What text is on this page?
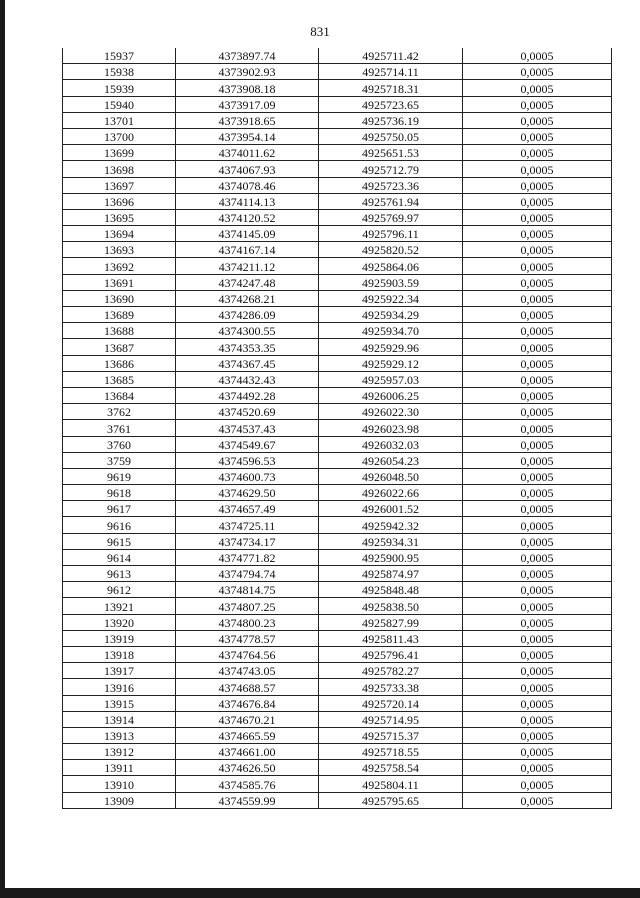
831
15937	4373897.74	4925711.42	0,0005
15938	4373902.93	4925714.11	0,0005
15939	4373908.18	4925718.31	0,0005
15940	4373917.09	4925723.65	0,0005
13701	4373918.65	4925736.19	0,0005
13700	4373954.14	4925750.05	0,0005
13699	4374011.62	4925651.53	0,0005
13698	4374067.93	4925712.79	0,0005
13697	4374078.46	4925723.36	0,0005
13696	4374114.13	4925761.94	0,0005
13695	4374120.52	4925769.97	0,0005
13694	4374145.09	4925796.11	0,0005
13693	4374167.14	4925820.52	0,0005
13692	4374211.12	4925864.06	0,0005
13691	4374247.48	4925903.59	0,0005
13690	4374268.21	4925922.34	0,0005
13689	4374286.09	4925934.29	0,0005
13688	4374300.55	4925934.70	0,0005
13687	4374353.35	4925929.96	0,0005
13686	4374367.45	4925929.12	0,0005
13685	4374432.43	4925957.03	0,0005
13684	4374492.28	4926006.25	0,0005
3762	4374520.69	4926022.30	0,0005
3761	4374537.43	4926023.98	0,0005
3760	4374549.67	4926032.03	0,0005
3759	4374596.53	4926054.23	0,0005
9619	4374600.73	4926048.50	0,0005
9618	4374629.50	4926022.66	0,0005
9617	4374657.49	4926001.52	0,0005
9616	4374725.11	4925942.32	0,0005
9615	4374734.17	4925934.31	0,0005
9614	4374771.82	4925900.95	0,0005
9613	4374794.74	4925874.97	0,0005
9612	4374814.75	4925848.48	0,0005
13921	4374807.25	4925838.50	0,0005
13920	4374800.23	4925827.99	0,0005
13919	4374778.57	4925811.43	0,0005
13918	4374764.56	4925796.41	0,0005
13917	4374743.05	4925782.27	0,0005
13916	4374688.57	4925733.38	0,0005
13915	4374676.84	4925720.14	0,0005
13914	4374670.21	4925714.95	0,0005
13913	4374665.59	4925715.37	0,0005
13912	4374661.00	4925718.55	0,0005
13911	4374626.50	4925758.54	0,0005
13910	4374585.76	4925804.11	0,0005
13909	4374559.99	4925795.65	0,0005
